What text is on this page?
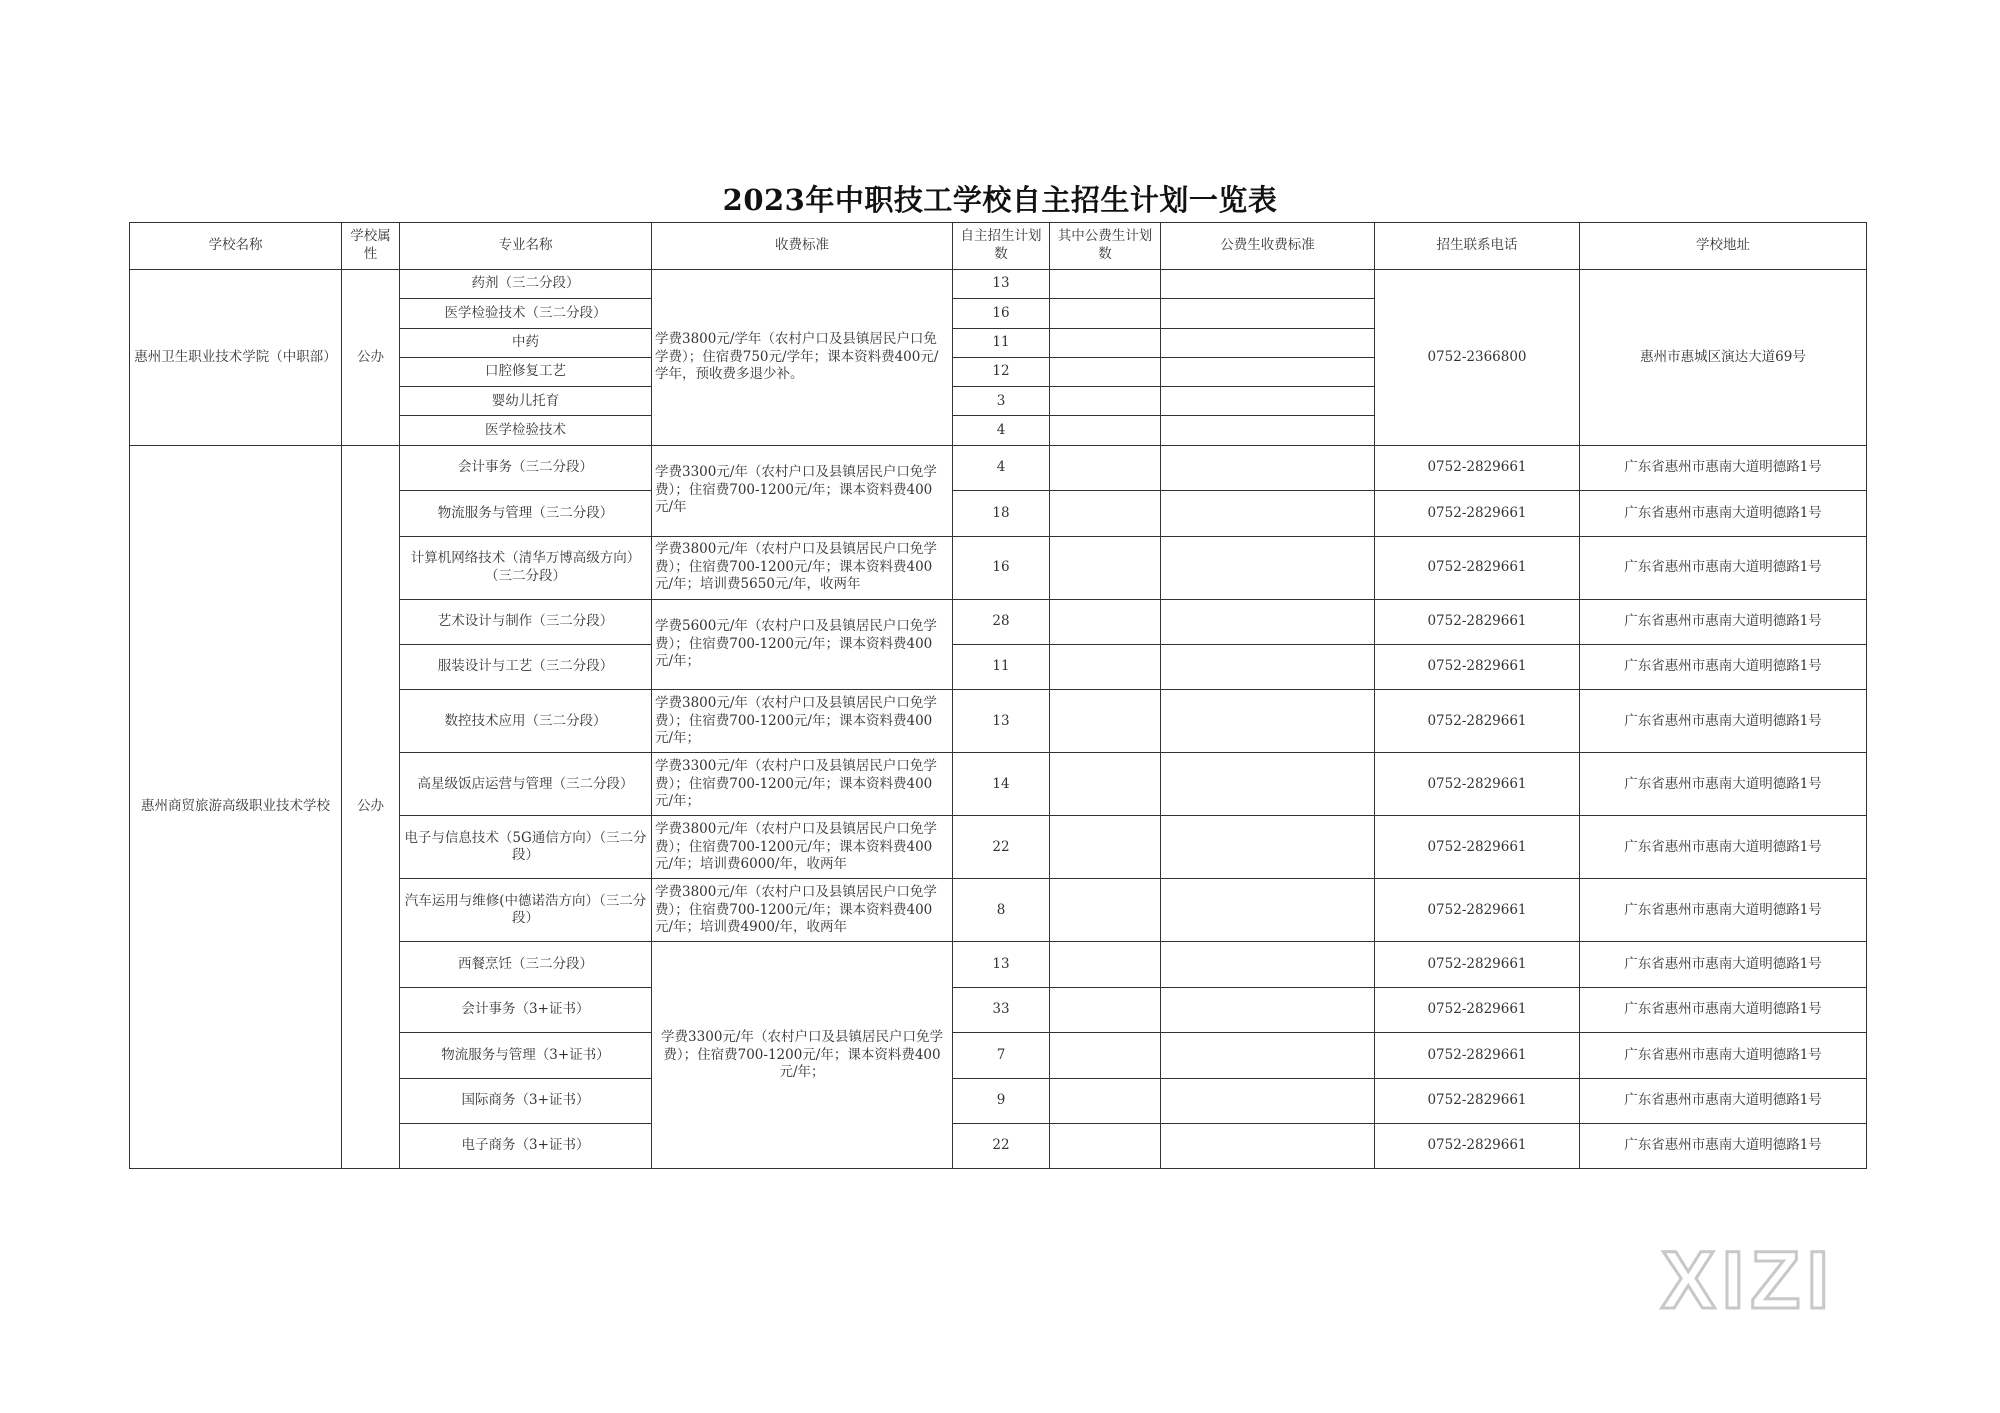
2023年中职技工学校自主招生计划一览表
学校名称	学校属性	专业名称	收费标准	自主招生计划数	其中公费生计划数	公费生收费标准	招生联系电话	学校地址
惠州卫生职业技术学院（中职部）	公办	药剂（三二分段）	学费3800元/学年（农村户口及县镇居民户口免学费）；住宿费750元/学年；课本资料费400元/学年，预收费多退少补。	13			0752-2366800	惠州市惠城区演达大道69号
		医学检验技术（三二分段）		16				
		中药		11				
		口腔修复工艺		12				
		婴幼儿托育		3				
		医学检验技术		4				
惠州商贸旅游高级职业技术学校	公办	会计事务（三二分段）	学费3300元/年（农村户口及县镇居民户口免学费）；住宿费700-1200元/年；课本资料费400元/年	4			0752-2829661	广东省惠州市惠南大道明德路1号
		物流服务与管理（三二分段）		18			0752-2829661	广东省惠州市惠南大道明德路1号
		计算机网络技术（清华万博高级方向）（三二分段）	学费3800元/年（农村户口及县镇居民户口免学费）；住宿费700-1200元/年；课本资料费400元/年；培训费5650元/年，收两年	16			0752-2829661	广东省惠州市惠南大道明德路1号
		艺术设计与制作（三二分段）	学费5600元/年（农村户口及县镇居民户口免学费）；住宿费700-1200元/年；课本资料费400元/年；	28			0752-2829661	广东省惠州市惠南大道明德路1号
		服装设计与工艺（三二分段）		11			0752-2829661	广东省惠州市惠南大道明德路1号
		数控技术应用（三二分段）	学费3800元/年（农村户口及县镇居民户口免学费）；住宿费700-1200元/年；课本资料费400元/年；	13			0752-2829661	广东省惠州市惠南大道明德路1号
		高星级饭店运营与管理（三二分段）	学费3300元/年（农村户口及县镇居民户口免学费）；住宿费700-1200元/年；课本资料费400元/年；	14			0752-2829661	广东省惠州市惠南大道明德路1号
		电子与信息技术（5G通信方向）（三二分段）	学费3800元/年（农村户口及县镇居民户口免学费）；住宿费700-1200元/年；课本资料费400元/年；培训费6000/年，收两年	22			0752-2829661	广东省惠州市惠南大道明德路1号
		汽车运用与维修(中德诺浩方向）（三二分段）	学费3800元/年（农村户口及县镇居民户口免学费）；住宿费700-1200元/年；课本资料费400元/年；培训费4900/年，收两年	8			0752-2829661	广东省惠州市惠南大道明德路1号
		西餐烹饪（三二分段）	学费3300元/年（农村户口及县镇居民户口免学费）；住宿费700-1200元/年；课本资料费400元/年；	13			0752-2829661	广东省惠州市惠南大道明德路1号
		会计事务（3+证书）		33			0752-2829661	广东省惠州市惠南大道明德路1号
		物流服务与管理（3+证书）		7			0752-2829661	广东省惠州市惠南大道明德路1号
		国际商务（3+证书）		9			0752-2829661	广东省惠州市惠南大道明德路1号
		电子商务（3+证书）		22			0752-2829661	广东省惠州市惠南大道明德路1号
XIZI
